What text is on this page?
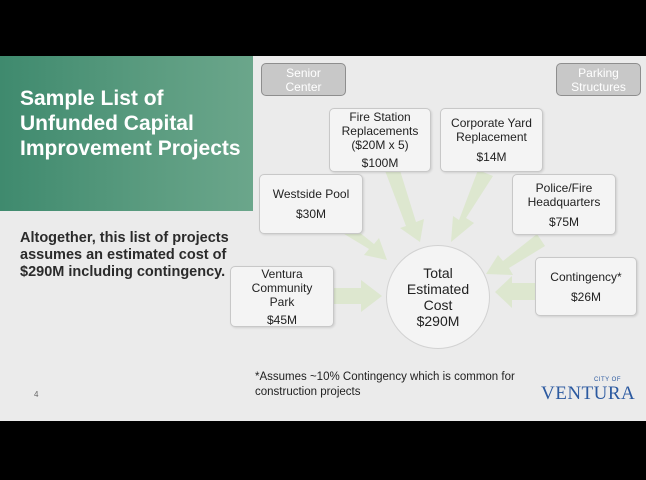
Sample List of Unfunded Capital Improvement Projects

Altogether, this list of projects assumes an estimated cost of $290M including contingency.

4
Senior
Center
Parking
Structures
Fire Station
Replacements
($20M x 5)
$100M
Corporate Yard
Replacement
$14M
Westside Pool
$30M
Police/Fire
Headquarters
$75M
Ventura
Community
Park
$45M
Contingency*
$26M
Total
Estimated
Cost
$290M
*Assumes ~10% Contingency which is common for
construction projects
CITY OF
VENTURA
